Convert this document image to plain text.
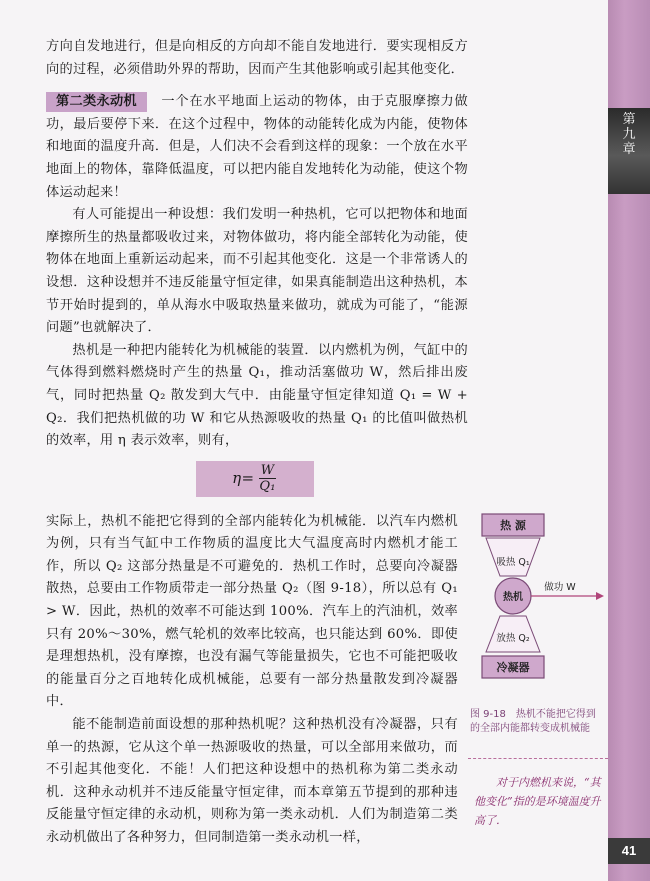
方向自发地进行，但是向相反的方向却不能自发地进行．要实现相反方向的过程，必须借助外界的帮助，因而产生其他影响或引起其他变化．

第二类永动机 一个在水平地面上运动的物体，由于克服摩擦力做功，最后要停下来．在这个过程中，物体的动能转化成为内能，使物体和地面的温度升高．但是，人们决不会看到这样的现象：一个放在水平地面上的物体，靠降低温度，可以把内能自发地转化为动能，使这个物体运动起来！

有人可能提出一种设想：我们发明一种热机，它可以把物体和地面摩擦所生的热量都吸收过来，对物体做功，将内能全部转化为动能，使物体在地面上重新运动起来，而不引起其他变化．这是一个非常诱人的设想．这种设想并不违反能量守恒定律，如果真能制造出这种热机，本节开始时提到的，单从海水中吸取热量来做功，就成为可能了，“能源问题”也就解决了．

热机是一种把内能转化为机械能的装置．以内燃机为例，气缸中的气体得到燃料燃烧时产生的热量 Q₁，推动活塞做功 W，然后排出废气，同时把热量 Q₂ 散发到大气中．由能量守恒定律知道 Q₁ = W + Q₂．我们把热机做的功 W 和它从热源吸收的热量 Q₁ 的比值叫做热机的效率，用 η 表示效率，则有，

$\eta= \frac{W}{\text{Q₁}}$

实际上，热机不能把它得到的全部内能转化为机械能．以汽车内燃机为例，只有当气缸中工作物质的温度比大气温度高时内燃机才能工作，所以 Q₂ 这部分热量是不可避免的．热机工作时，总要向冷凝器散热，总要由工作物质带走一部分热量 Q₂（图 9-18），所以总有 Q₁ > W．因此，热机的效率不可能达到 100%．汽车上的汽油机，效率只有 20%～30%，燃气轮机的效率比较高，也只能达到 60%．即使是理想热机，没有摩擦，也没有漏气等能量损失，它也不可能把吸收的能量百分之百地转化成机械能，总要有一部分热量散发到冷凝器中．

能不能制造前面设想的那种热机呢？这种热机没有冷凝器，只有单一的热源，它从这个单一热源吸收的热量，可以全部用来做功，而不引起其他变化．不能！人们把这种设想中的热机称为第二类永动机．这种永动机并不违反能量守恒定律，而本章第五节提到的那种违反能量守恒定律的永动机，则称为第一类永动机．人们为制造第二类永动机做出了各种努力，但同制造第一类永动机一样，

热 源
吸热 Q₁
热机
做功 W
放热 Q₂
冷凝器
图 9-18　热机不能把它得到的全部内能都转变成机械能
对于内燃机来说，“其他变化”指的是环境温度升高了．
第
九
章
41
